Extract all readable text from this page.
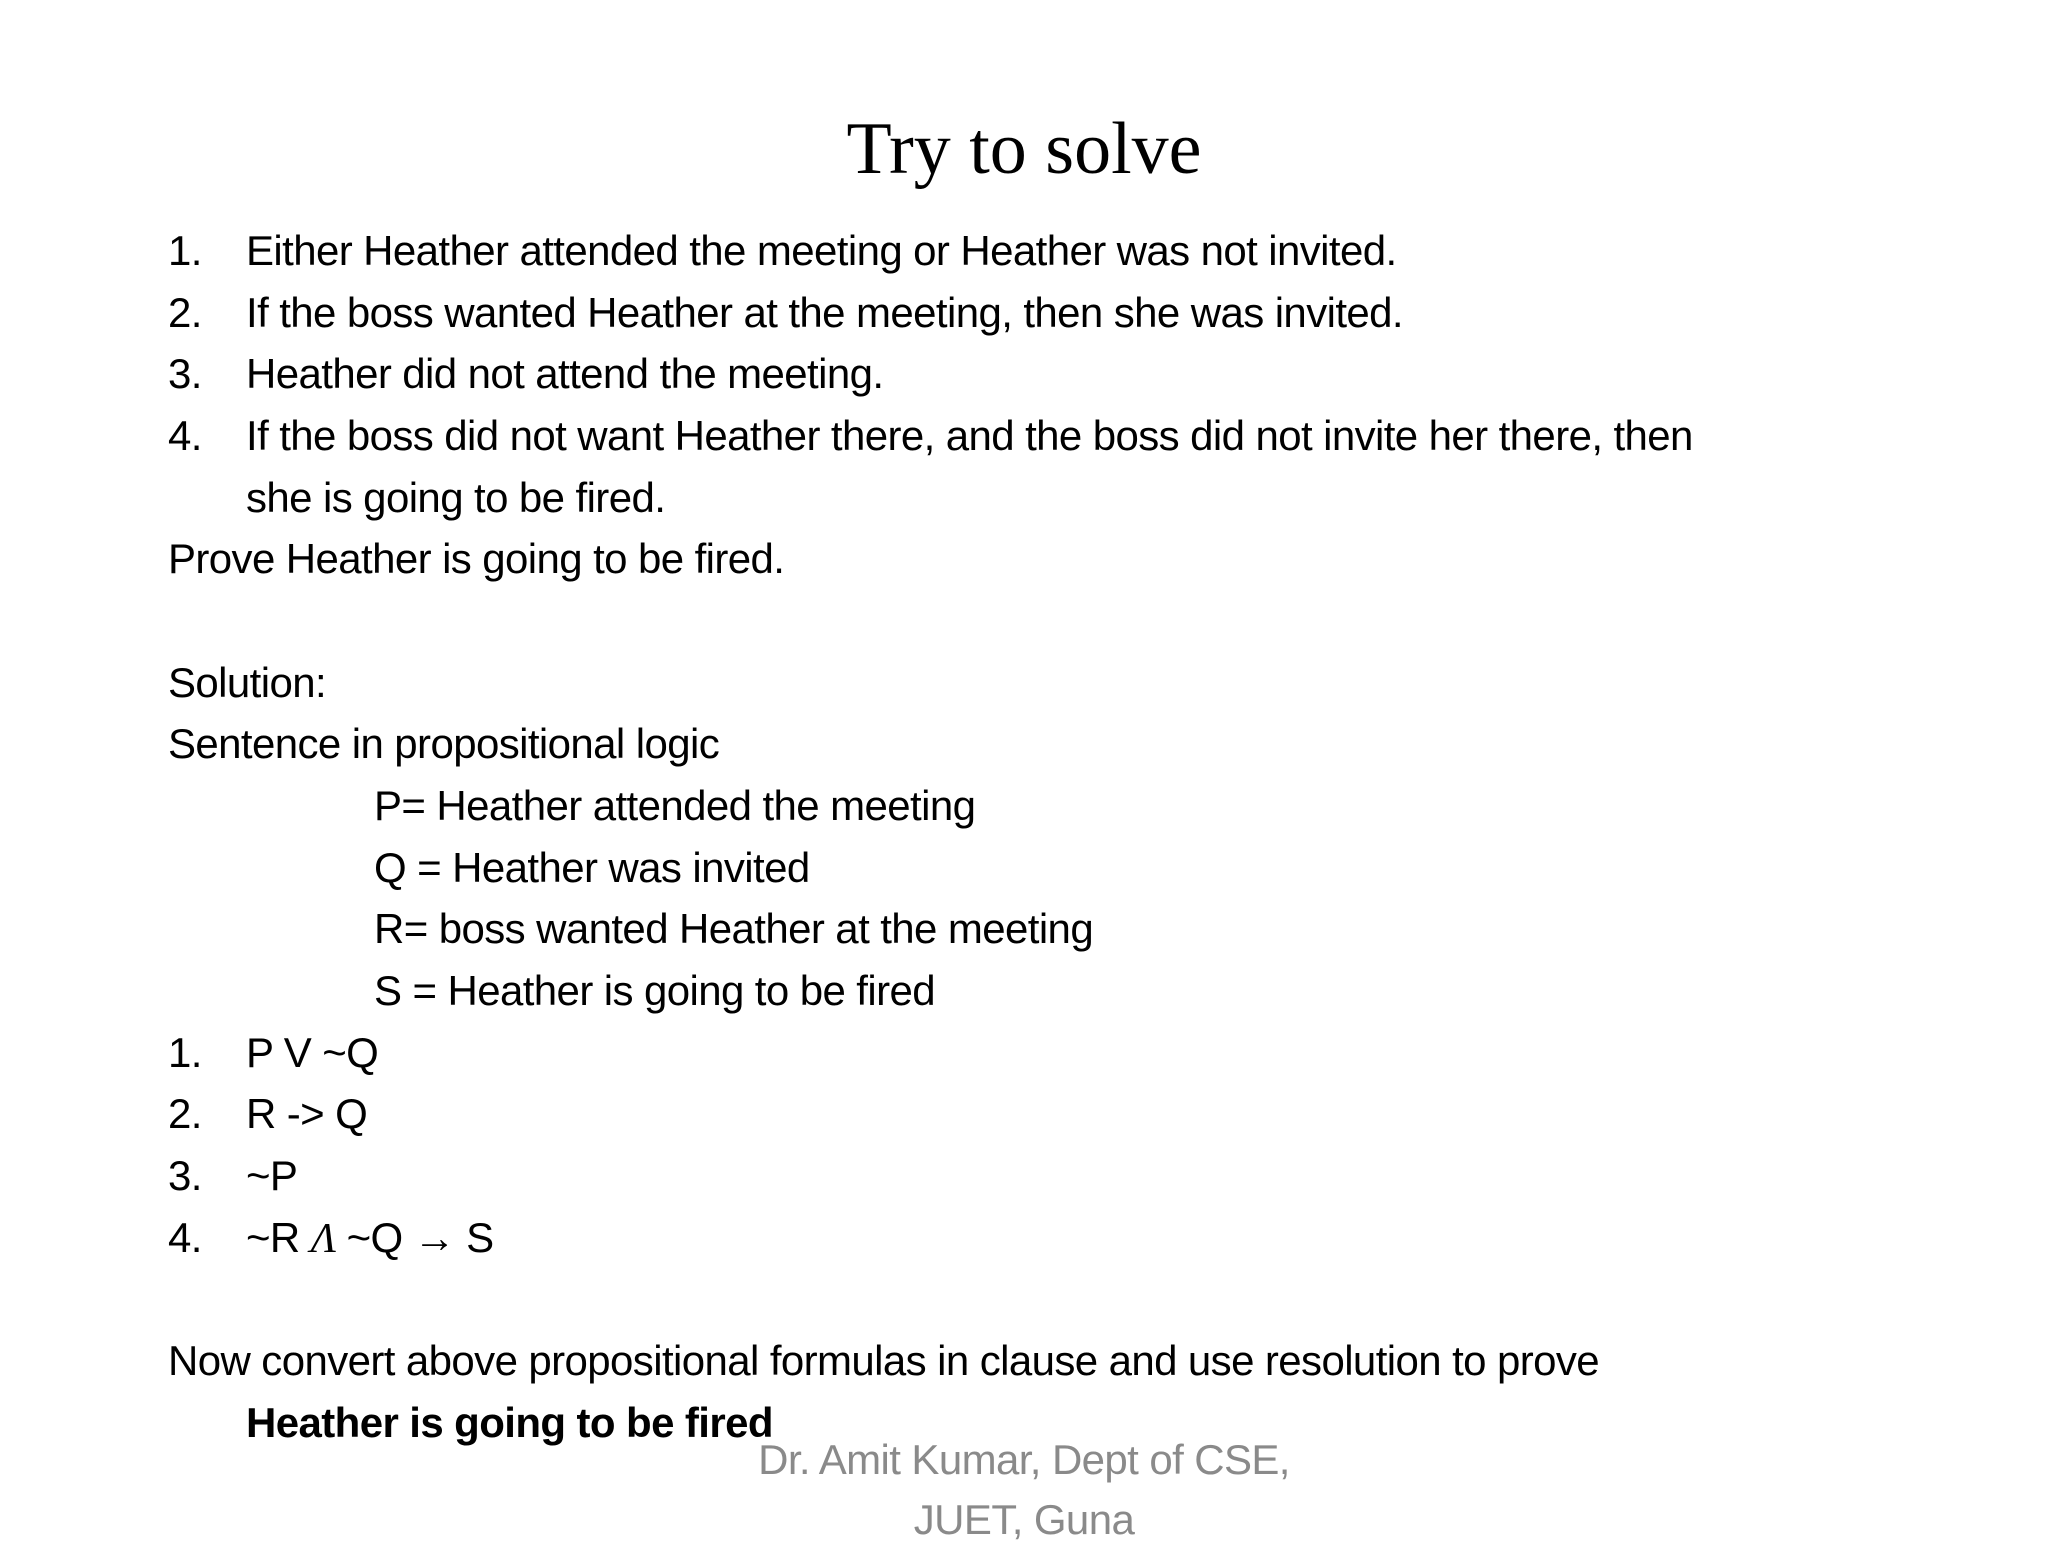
Try to solve
1. Either Heather attended the meeting or Heather was not invited.
2. If the boss wanted Heather at the meeting, then she was invited.
3. Heather did not attend the meeting.
4. If the boss did not want Heather there, and the boss did not invite her there, then
she is going to be fired.
Prove Heather is going to be fired.
Solution:
Sentence in propositional logic
P= Heather attended the meeting
Q = Heather was invited
R= boss wanted Heather at the meeting
S = Heather is going to be fired
1. P V ~Q
2. R -> Q
3. ~P
4. ~R Λ ~Q → S
Now convert above propositional formulas in clause and use resolution to prove
Heather is going to be fired
Dr. Amit Kumar, Dept of CSE,
JUET, Guna
